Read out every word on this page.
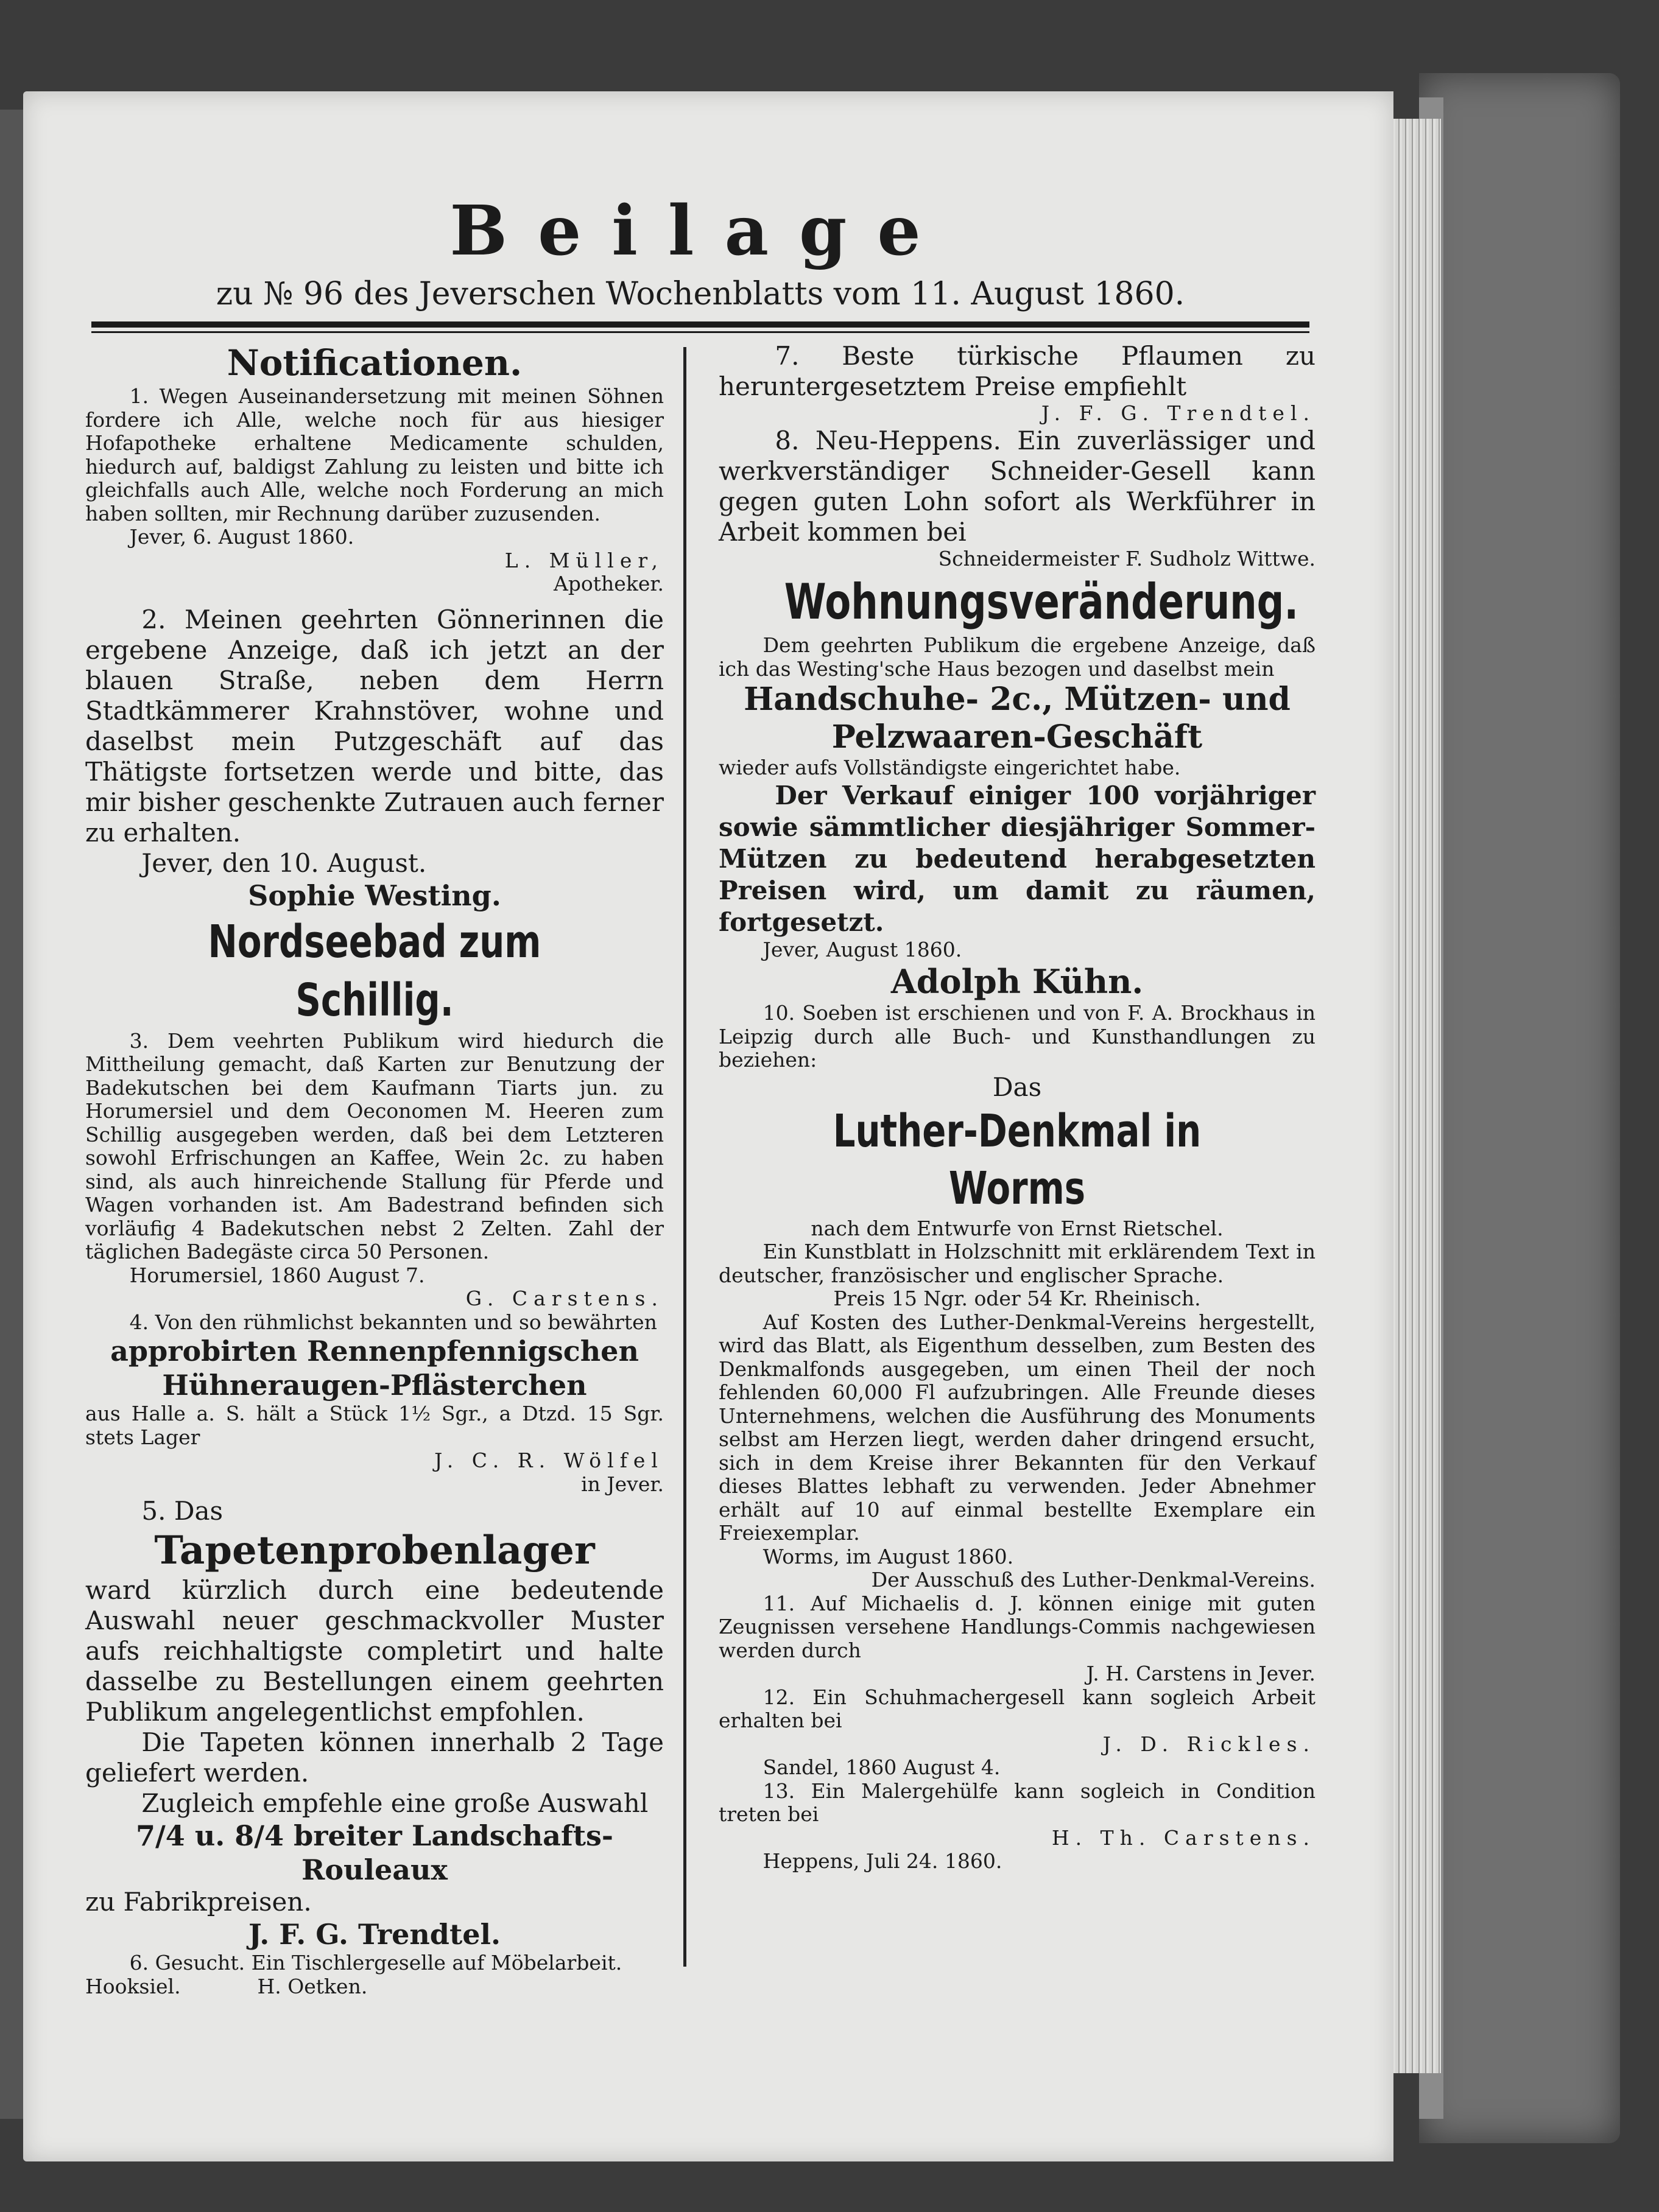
Beilage
zu № 96 des Jeverschen Wochenblatts vom 11. August 1860.

Notificationen.

1. Wegen Auseinandersetzung mit meinen Söhnen fordere ich Alle, welche noch für aus hiesiger Hofapotheke erhaltene Medicamente schulden, hiedurch auf, baldigst Zahlung zu leisten und bitte ich gleichfalls auch Alle, welche noch Forderung an mich haben sollten, mir Rechnung darüber zuzusenden.

Jever, 6. August 1860.

L. Müller,

Apotheker.

2. Meinen geehrten Gönnerinnen die ergebene Anzeige, daß ich jetzt an der blauen Straße, neben dem Herrn Stadtkämmerer Krahnstöver, wohne und daselbst mein Putzgeschäft auf das Thätigste fortsetzen werde und bitte, das mir bisher geschenkte Zutrauen auch ferner zu erhalten.

Jever, den 10. August.

Sophie Westing.

Nordseebad zum Schillig.

3. Dem veehrten Publikum wird hiedurch die Mittheilung gemacht, daß Karten zur Benutzung der Badekutschen bei dem Kaufmann Tiarts jun. zu Horumersiel und dem Oeconomen M. Heeren zum Schillig ausgegeben werden, daß bei dem Letzteren sowohl Erfrischungen an Kaffee, Wein 2c. zu haben sind, als auch hinreichende Stallung für Pferde und Wagen vorhanden ist. Am Badestrand befinden sich vorläufig 4 Badekutschen nebst 2 Zelten. Zahl der täglichen Badegäste circa 50 Personen.

Horumersiel, 1860 August 7.

G. Carstens.

4. Von den rühmlichst bekannten und so bewährten

approbirten Rennenpfennigschen

Hühneraugen-Pflästerchen

aus Halle a. S. hält a Stück 1½ Sgr., a Dtzd. 15 Sgr. stets Lager

J. C. R. Wölfel

in Jever.

5. Das

Tapetenprobenlager

ward kürzlich durch eine bedeutende Auswahl neuer geschmackvoller Muster aufs reichhaltigste completirt und halte dasselbe zu Bestellungen einem geehrten Publikum angelegentlichst empfohlen.

Die Tapeten können innerhalb 2 Tage geliefert werden.

Zugleich empfehle eine große Auswahl

7/4 u. 8/4 breiter Landschafts-Rouleaux

zu Fabrikpreisen.

J. F. G. Trendtel.

6. Gesucht. Ein Tischlergeselle auf Möbelarbeit.

Hooksiel.            H. Oetken.

7. Beste türkische Pflaumen zu heruntergesetztem Preise empfiehlt

J. F. G. Trendtel.

8. Neu-Heppens. Ein zuverlässiger und werkverständiger Schneider-Gesell kann gegen guten Lohn sofort als Werkführer in Arbeit kommen bei

Schneidermeister F. Sudholz Wittwe.

Wohnungsveränderung.

Dem geehrten Publikum die ergebene Anzeige, daß ich das Westing'sche Haus bezogen und daselbst mein

Handschuhe- 2c., Mützen- und Pelzwaaren-Geschäft

wieder aufs Vollständigste eingerichtet habe.

Der Verkauf einiger 100 vorjähriger sowie sämmtlicher diesjähriger Sommer-Mützen zu bedeutend herabgesetzten Preisen wird, um damit zu räumen, fortgesetzt.

Jever, August 1860.

Adolph Kühn.

10. Soeben ist erschienen und von F. A. Brockhaus in Leipzig durch alle Buch- und Kunsthandlungen zu beziehen:

Das

Luther-Denkmal in Worms

nach dem Entwurfe von Ernst Rietschel.

Ein Kunstblatt in Holzschnitt mit erklärendem Text in deutscher, französischer und englischer Sprache.

Preis 15 Ngr. oder 54 Kr. Rheinisch.

Auf Kosten des Luther-Denkmal-Vereins hergestellt, wird das Blatt, als Eigenthum desselben, zum Besten des Denkmalfonds ausgegeben, um einen Theil der noch fehlenden 60,000 Fl aufzubringen. Alle Freunde dieses Unternehmens, welchen die Ausführung des Monuments selbst am Herzen liegt, werden daher dringend ersucht, sich in dem Kreise ihrer Bekannten für den Verkauf dieses Blattes lebhaft zu verwenden. Jeder Abnehmer erhält auf 10 auf einmal bestellte Exemplare ein Freiexemplar.

Worms, im August 1860.

Der Ausschuß des Luther-Denkmal-Vereins.

11. Auf Michaelis d. J. können einige mit guten Zeugnissen versehene Handlungs-Commis nachgewiesen werden durch

J. H. Carstens in Jever.

12. Ein Schuhmachergesell kann sogleich Arbeit erhalten bei

J. D. Rickles.

Sandel, 1860 August 4.

13. Ein Malergehülfe kann sogleich in Condition treten bei

H. Th. Carstens.

Heppens, Juli 24. 1860.
